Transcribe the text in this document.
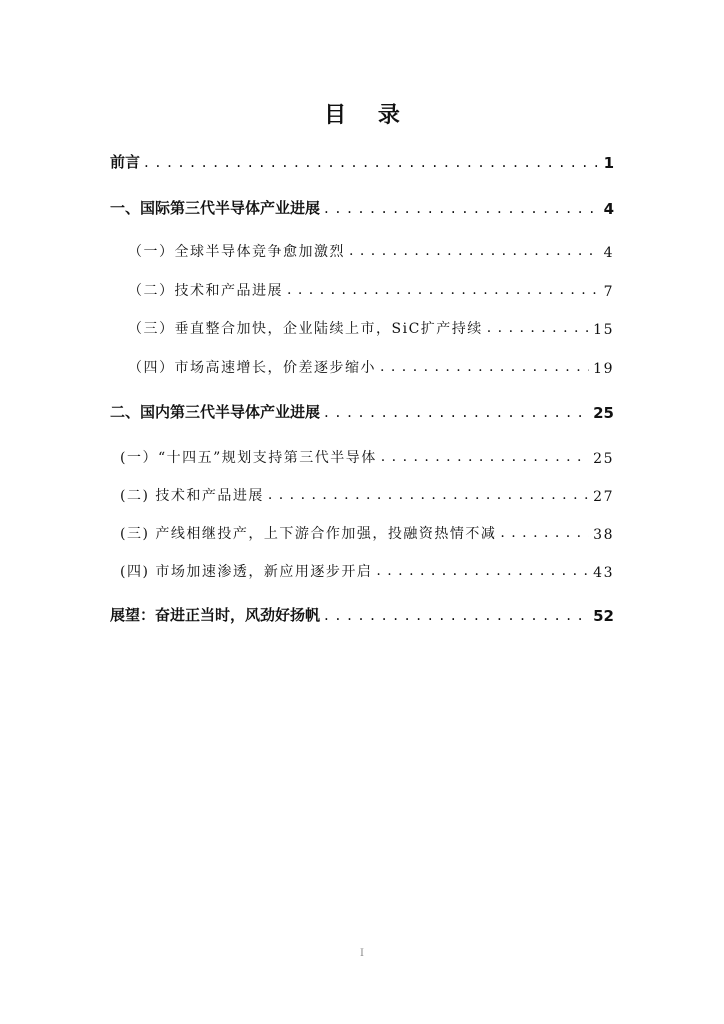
目 录
前言 . . .	1
一、国际第三代半导体产业进展 . . .	4
（一）全球半导体竞争愈加激烈 . . .	4
（二）技术和产品进展 . . .	7
（三）垂直整合加快，企业陆续上市，SiC扩产持续 . . .	15
（四）市场高速增长，价差逐步缩小 . . .	19
二、国内第三代半导体产业进展 . . .	25
(一）“十四五”规划支持第三代半导体 . . .	25
(二) 技术和产品进展 . . .	27
(三) 产线相继投产，上下游合作加强，投融资热情不减 . . .	38
(四) 市场加速渗透，新应用逐步开启 . . .	43
展望：奋进正当时，风劲好扬帆 . . .	52
I
